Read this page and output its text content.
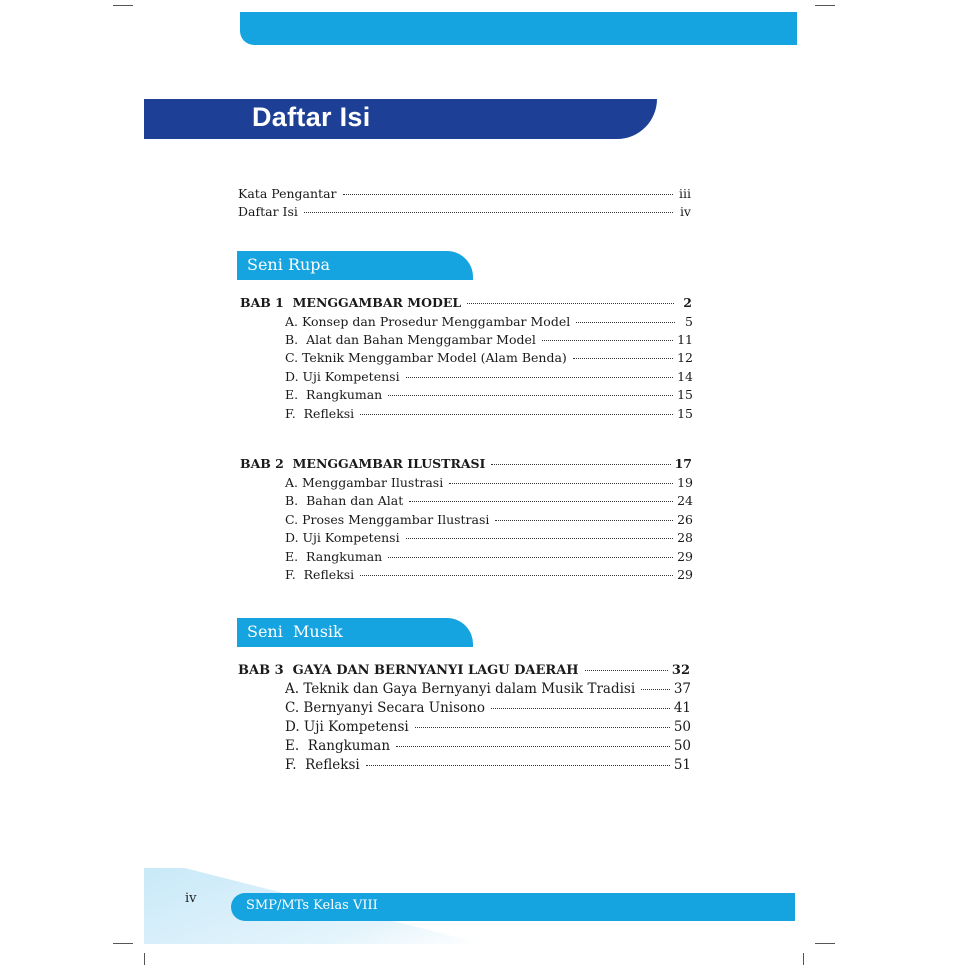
Daftar Isi
Kata Pengantar	iii
Daftar Isi	iv
Seni Rupa
BAB 1  MENGGAMBAR MODEL	2
A. Konsep dan Prosedur Menggambar Model	5
B.  Alat dan Bahan Menggambar Model	11
C. Teknik Menggambar Model (Alam Benda)	12
D. Uji Kompetensi	14
E.  Rangkuman	15
F.  Refleksi	15
BAB 2  MENGGAMBAR ILUSTRASI	17
A. Menggambar Ilustrasi	19
B.  Bahan dan Alat	24
C. Proses Menggambar Ilustrasi	26
D. Uji Kompetensi	28
E.  Rangkuman	29
F.  Refleksi	29
Seni  Musik
BAB 3  GAYA DAN BERNYANYI LAGU DAERAH	32
A. Teknik dan Gaya Bernyanyi dalam Musik Tradisi	37
C. Bernyanyi Secara Unisono	41
D. Uji Kompetensi	50
E.  Rangkuman	50
F.  Refleksi	51
iv	SMP/MTs Kelas VIII
